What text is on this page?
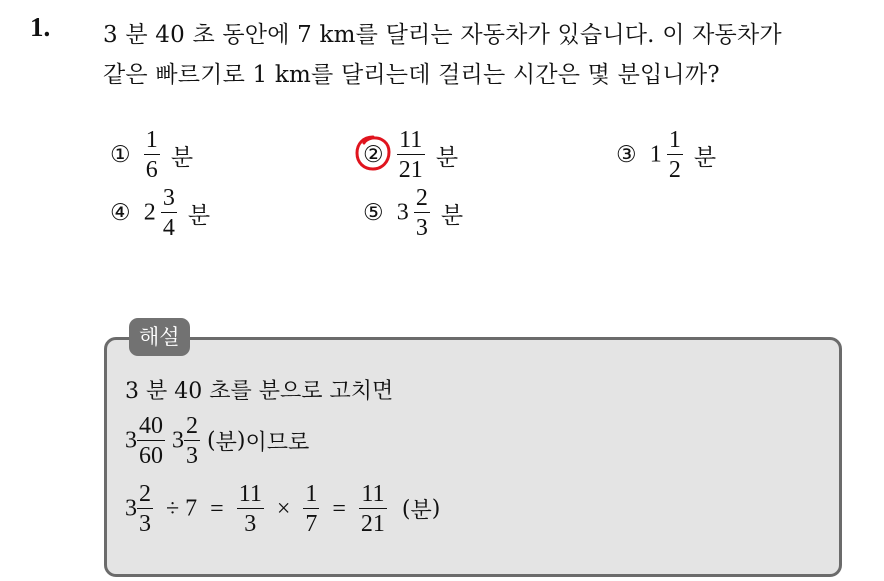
1. 3 분 40 초 동안에 7 km를 달리는 자동차가 있습니다. 이 자동차가
같은 빠르기로 1 km를 달리는데 걸리는 시간은 몇 분입니까?
① $\frac{1}{6}$ 분	②
$\frac{11}{21}$ 분	③ $1 \frac{1}{2}$ 분
④ $2 \frac{3}{4}$ 분	⑤ $3 \frac{2}{3}$ 분
해설
3 분 40 초를 분으로 고치면
$3 \frac{40}{60} 3 \frac{2}{3}$ (분)이므로
$3 \frac{2}{3} \div 7 = \frac{11}{3} \times \frac{1}{7} = \frac{11}{21}$ (분)
